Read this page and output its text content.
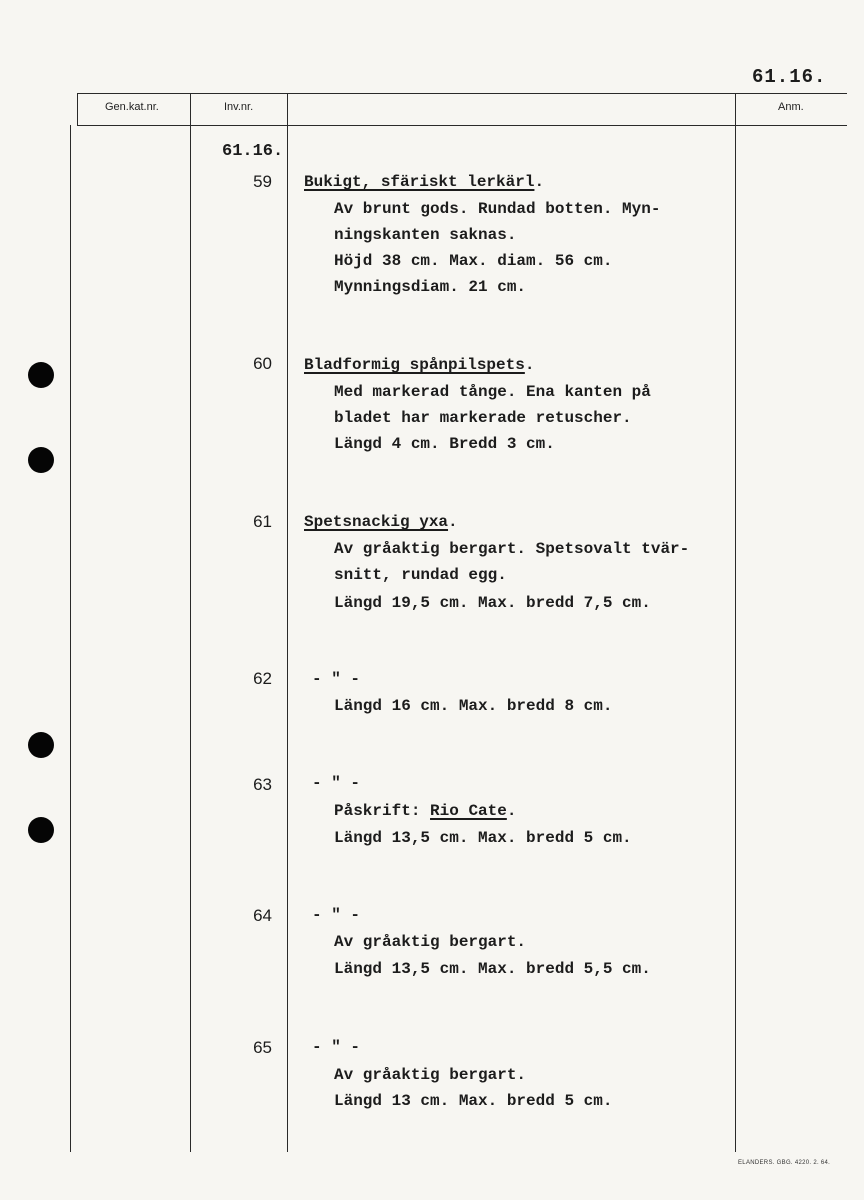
61.16.
Gen.kat.nr.	Inv.nr.	Anm.
61.16.
59 Bukigt, sfäriskt lerkärl.
Av brunt gods. Rundad botten. Myn-
ningskanten saknas.
Höjd 38 cm. Max. diam. 56 cm.
Mynningsdiam. 21 cm.
60 Bladformig spånpilspets.
Med markerad tånge. Ena kanten på
bladet har markerade retuscher.
Längd 4 cm. Bredd 3 cm.
61 Spetsnackig yxa.
Av gråaktig bergart. Spetsovalt tvär-
snitt, rundad egg.
Längd 19,5 cm. Max. bredd 7,5 cm.
62	- " -
Längd 16 cm. Max. bredd 8 cm.
63	- " -
Påskrift: Rio Cate.
Längd 13,5 cm. Max. bredd 5 cm.
64	- " -
Av gråaktig bergart.
Längd 13,5 cm. Max. bredd 5,5 cm.
65	- " -
Av gråaktig bergart.
Längd 13 cm. Max. bredd 5 cm.
ELANDERS. GBG. 4220. 2. 64.
